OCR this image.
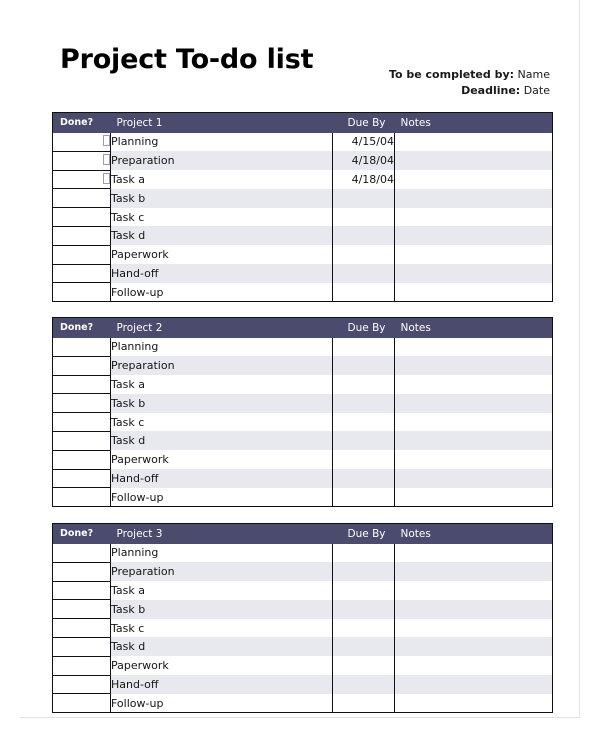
Project To-do list	To be completed by: Name
Deadline: Date
Done?	Project 1	Due By	Notes
	Planning	4/15/04	
	Preparation	4/18/04	
	Task a	4/18/04	
	Task b		
	Task c		
	Task d		
	Paperwork		
	Hand-off		
	Follow-up		
Done?	Project 2	Due By	Notes
	Planning		
	Preparation		
	Task a		
	Task b		
	Task c		
	Task d		
	Paperwork		
	Hand-off		
	Follow-up		
Done?	Project 3	Due By	Notes
	Planning		
	Preparation		
	Task a		
	Task b		
	Task c		
	Task d		
	Paperwork		
	Hand-off		
	Follow-up		
